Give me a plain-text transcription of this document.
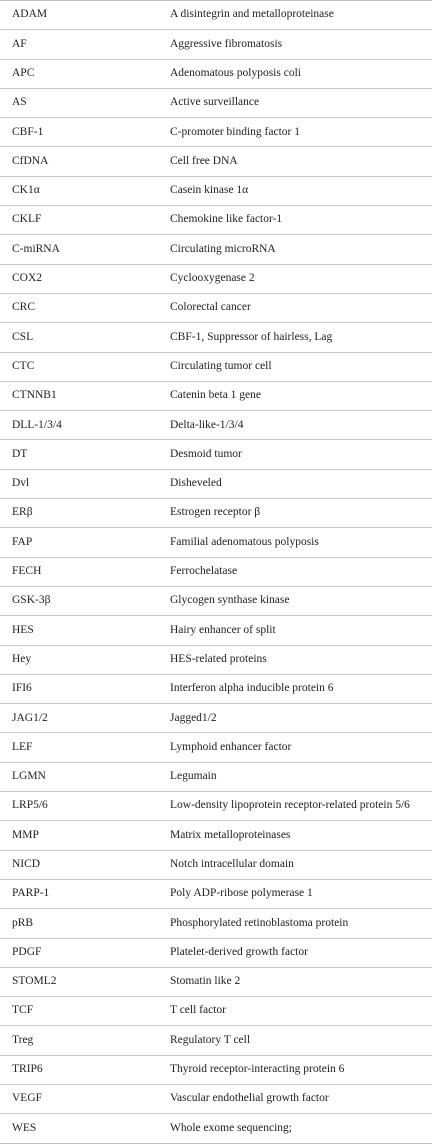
ADAM	A disintegrin and metalloproteinase
AF	Aggressive fibromatosis
APC	Adenomatous polyposis coli
AS	Active surveillance
CBF-1	C-promoter binding factor 1
CfDNA	Cell free DNA
CK1α	Casein kinase 1α
CKLF	Chemokine like factor-1
C-miRNA	Circulating microRNA
COX2	Cyclooxygenase 2
CRC	Colorectal cancer
CSL	CBF-1, Suppressor of hairless, Lag
CTC	Circulating tumor cell
CTNNB1	Catenin beta 1 gene
DLL-1/3/4	Delta-like-1/3/4
DT	Desmoid tumor
Dvl	Disheveled
ERβ	Estrogen receptor β
FAP	Familial adenomatous polyposis
FECH	Ferrochelatase
GSK-3β	Glycogen synthase kinase
HES	Hairy enhancer of split
Hey	HES-related proteins
IFI6	Interferon alpha inducible protein 6
JAG1/2	Jagged1/2
LEF	Lymphoid enhancer factor
LGMN	Legumain
LRP5/6	Low-density lipoprotein receptor-related protein 5/6
MMP	Matrix metalloproteinases
NICD	Notch intracellular domain
PARP-1	Poly ADP-ribose polymerase 1
pRB	Phosphorylated retinoblastoma protein
PDGF	Platelet-derived growth factor
STOML2	Stomatin like 2
TCF	T cell factor
Treg	Regulatory T cell
TRIP6	Thyroid receptor-interacting protein 6
VEGF	Vascular endothelial growth factor
WES	Whole exome sequencing;
